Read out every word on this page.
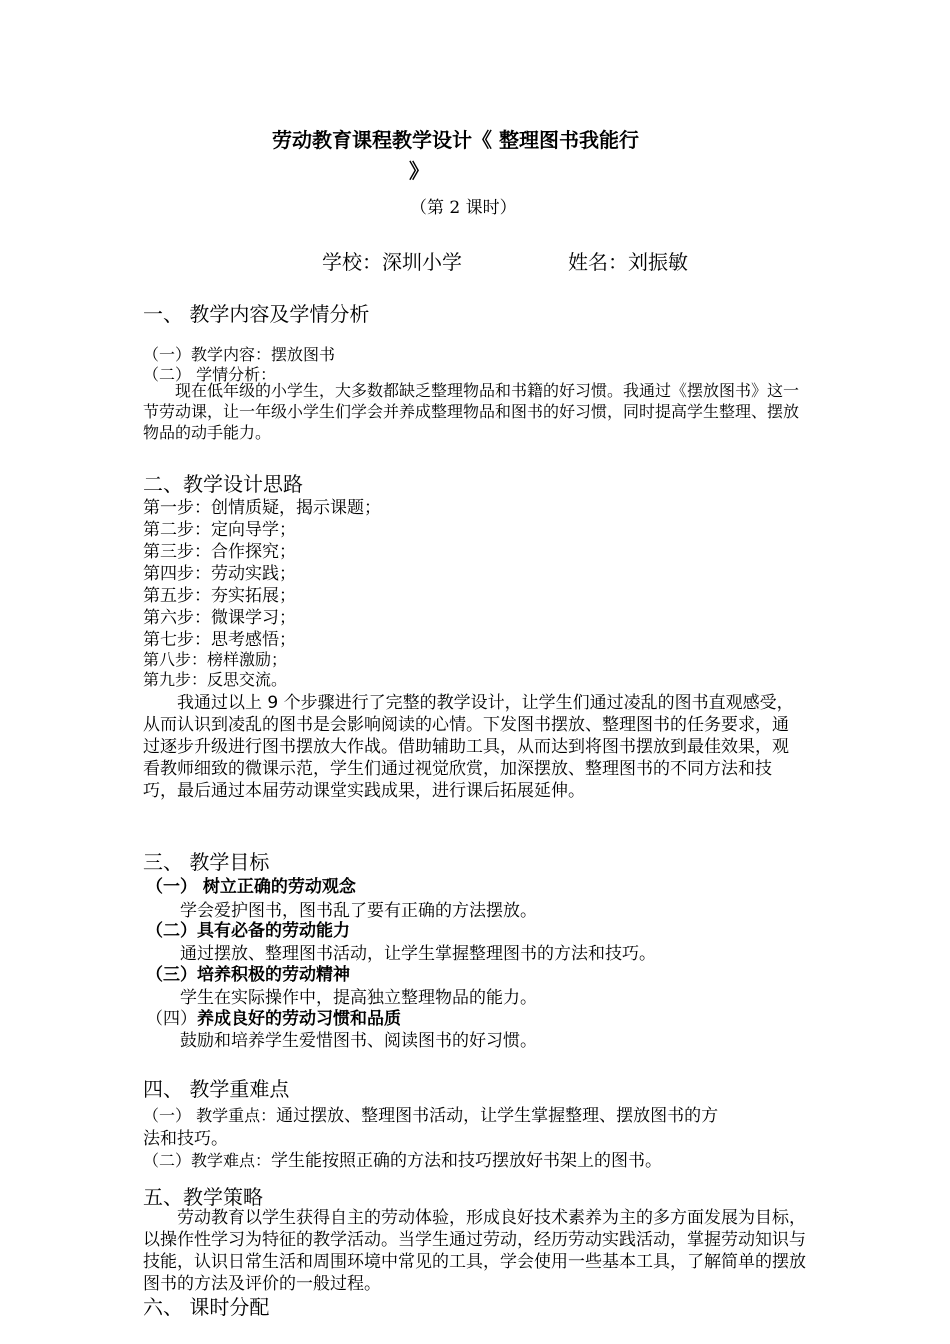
劳动教育课程教学设计《 整理图书我能行
》
（第 2 课时）
学校：深圳小学	姓名：刘振敏
一、 教学内容及学情分析
（一）教学内容：摆放图书
（二） 学情分析：

现在低年级的小学生，大多数都缺乏整理物品和书籍的好习惯。我通过《摆放图书》这一节劳动课，让一年级小学生们学会并养成整理物品和图书的好习惯，同时提高学生整理、摆放物品的动手能力。

二、教学设计思路
第一步：创情质疑，揭示课题；
第二步：定向导学；
第三步：合作探究；
第四步：劳动实践；
第五步：夯实拓展；
第六步：微课学习；
第七步：思考感悟；
第八步：榜样激励；
第九步：反思交流。

我通过以上 9 个步骤进行了完整的教学设计，让学生们通过凌乱的图书直观感受，从而认识到凌乱的图书是会影响阅读的心情。下发图书摆放、整理图书的任务要求，通过逐步升级进行图书摆放大作战。借助辅助工具，从而达到将图书摆放到最佳效果，观看教师细致的微课示范，学生们通过视觉欣赏，加深摆放、整理图书的不同方法和技巧，最后通过本届劳动课堂实践成果，进行课后拓展延伸。

三、 教学目标
（一） 树立正确的劳动观念
学会爱护图书，图书乱了要有正确的方法摆放。
（二）具有必备的劳动能力
通过摆放、整理图书活动，让学生掌握整理图书的方法和技巧。
（三）培养积极的劳动精神
学生在实际操作中，提高独立整理物品的能力。
（四）养成良好的劳动习惯和品质
鼓励和培养学生爱惜图书、阅读图书的好习惯。
四、 教学重难点
（一） 教学重点：通过摆放、整理图书活动，让学生掌握整理、摆放图书的方
法和技巧。
（二）教学难点：学生能按照正确的方法和技巧摆放好书架上的图书。
五、教学策略

劳动教育以学生获得自主的劳动体验，形成良好技术素养为主的多方面发展为目标，以操作性学习为特征的教学活动。当学生通过劳动，经历劳动实践活动，掌握劳动知识与技能，认识日常生活和周围环境中常见的工具，学会使用一些基本工具，了解简单的摆放图书的方法及评价的一般过程。

六、 课时分配
